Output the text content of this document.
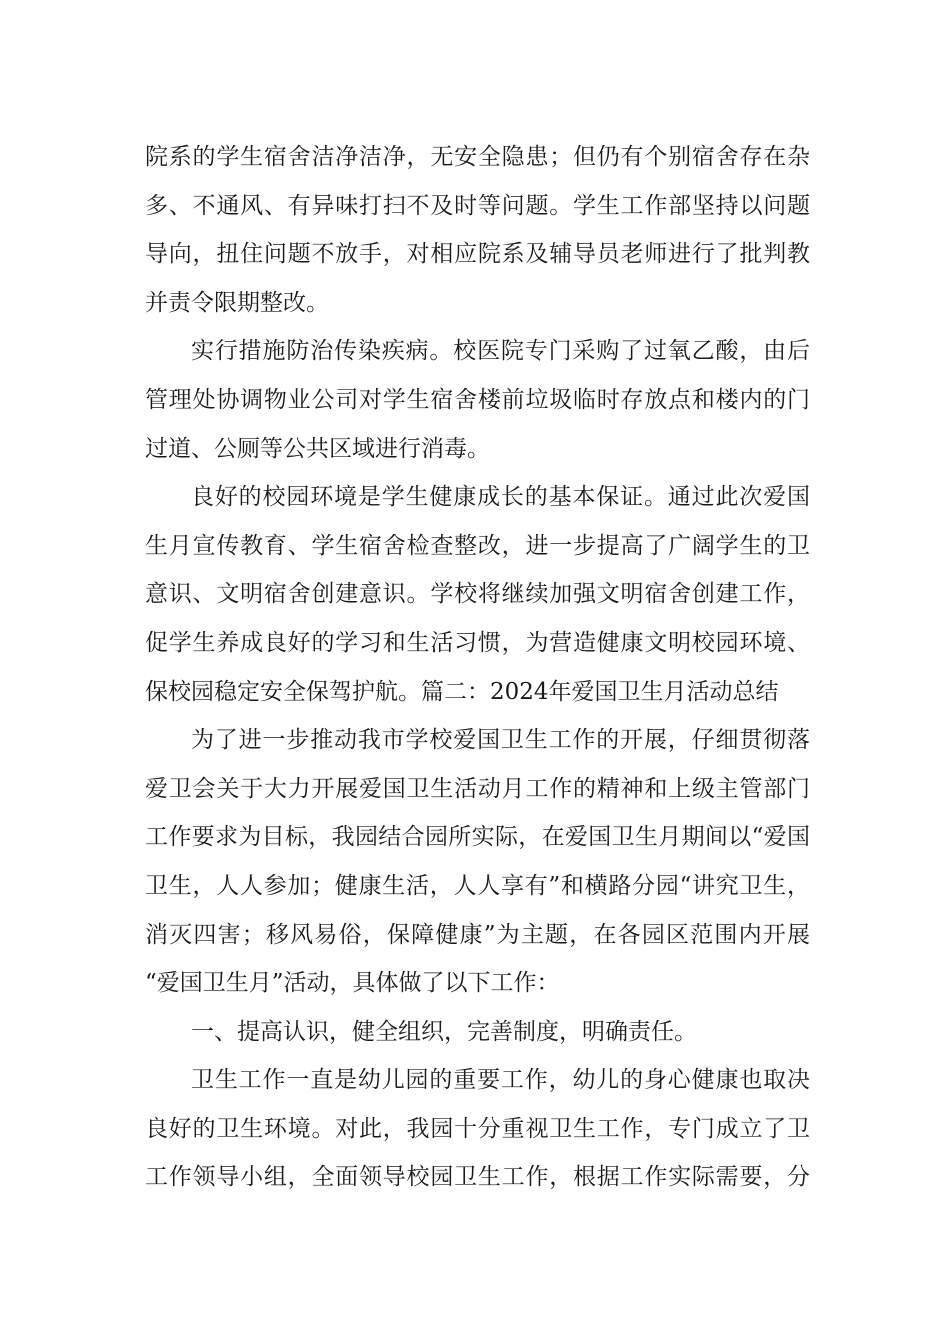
院系的学生宿舍洁净洁净，无安全隐患；但仍有个别宿舍存在杂
多、不通风、有异味打扫不及时等问题。学生工作部坚持以问题
导向，扭住问题不放手，对相应院系及辅导员老师进行了批判教
并责令限期整改。
实行措施防治传染疾病。校医院专门采购了过氧乙酸，由后
管理处协调物业公司对学生宿舍楼前垃圾临时存放点和楼内的门
过道、公厕等公共区域进行消毒。
良好的校园环境是学生健康成长的基本保证。通过此次爱国
生月宣传教育、学生宿舍检查整改，进一步提高了广阔学生的卫
意识、文明宿舍创建意识。学校将继续加强文明宿舍创建工作，
促学生养成良好的学习和生活习惯，为营造健康文明校园环境、
保校园稳定安全保驾护航。篇二：2024年爱国卫生月活动总结
为了进一步推动我市学校爱国卫生工作的开展，仔细贯彻落
爱卫会关于大力开展爱国卫生活动月工作的精神和上级主管部门
工作要求为目标，我园结合园所实际，在爱国卫生月期间以“爱国
卫生，人人参加；健康生活，人人享有”和横路分园“讲究卫生，
消灭四害；移风易俗，保障健康”为主题，在各园区范围内开展
“爱国卫生月”活动，具体做了以下工作：
一、提高认识，健全组织，完善制度，明确责任。
卫生工作一直是幼儿园的重要工作，幼儿的身心健康也取决
良好的卫生环境。对此，我园十分重视卫生工作，专门成立了卫
工作领导小组，全面领导校园卫生工作，根据工作实际需要，分
